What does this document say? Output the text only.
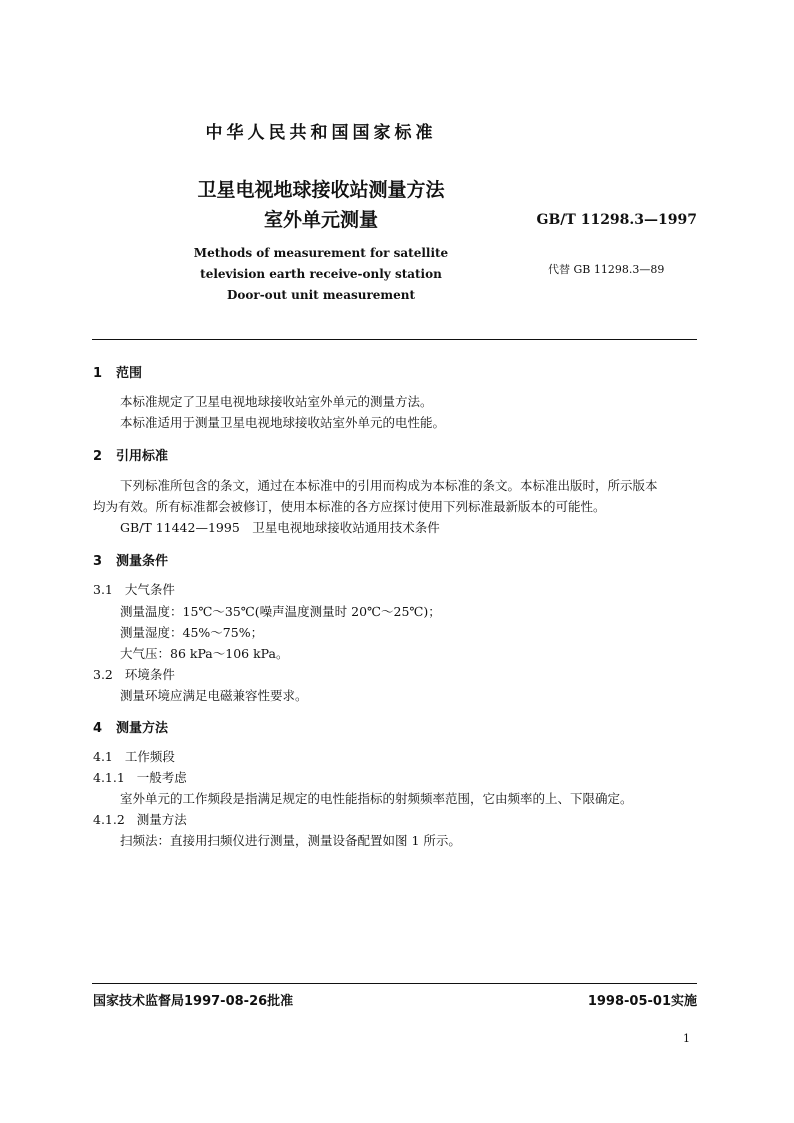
中华人民共和国国家标准
卫星电视地球接收站测量方法
室外单元测量	GB/T 11298.3—1997
Methods of measurement for satellite
television earth receive-only station
Door-out unit measurement
代替 GB 11298.3—89
1 范围
本标准规定了卫星电视地球接收站室外单元的测量方法。
本标准适用于测量卫星电视地球接收站室外单元的电性能。
2 引用标准
下列标准所包含的条文，通过在本标准中的引用而构成为本标准的条文。本标准出版时，所示版本
均为有效。所有标准都会被修订，使用本标准的各方应探讨使用下列标准最新版本的可能性。
GB/T 11442—1995　卫星电视地球接收站通用技术条件
3 测量条件
3.1 大气条件
测量温度：15℃～35℃(噪声温度测量时 20℃～25℃)；
测量湿度：45%～75%；
大气压：86 kPa～106 kPa。
3.2 环境条件
测量环境应满足电磁兼容性要求。
4 测量方法
4.1 工作频段
4.1.1 一般考虑
室外单元的工作频段是指满足规定的电性能指标的射频频率范围，它由频率的上、下限确定。
4.1.2 测量方法
扫频法：直接用扫频仪进行测量，测量设备配置如图 1 所示。
国家技术监督局1997-08-26批准	1998-05-01实施
1
